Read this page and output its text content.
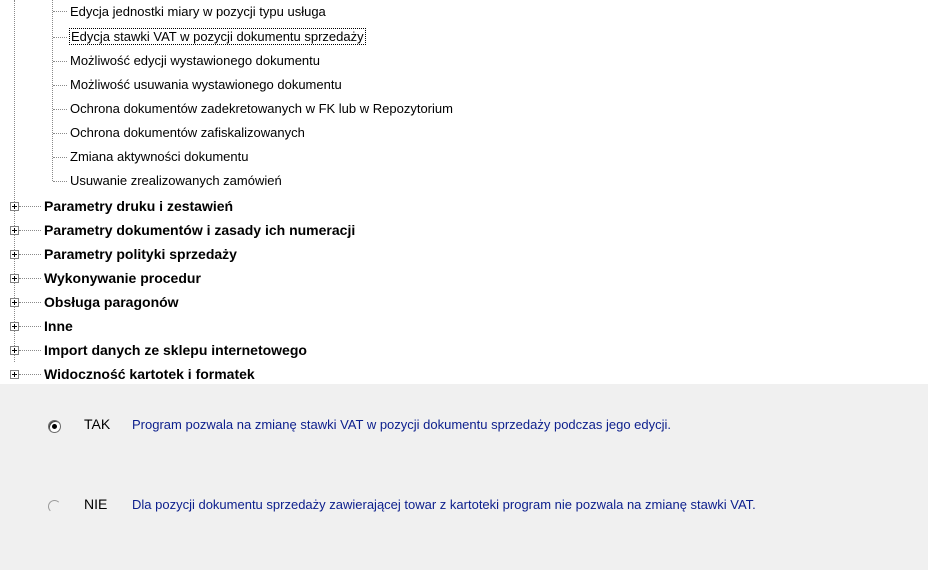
Edycja jednostki miary w pozycji typu usługa
Edycja stawki VAT w pozycji dokumentu sprzedaży
Możliwość edycji wystawionego dokumentu
Możliwość usuwania wystawionego dokumentu
Ochrona dokumentów zadekretowanych w FK lub w Repozytorium
Ochrona dokumentów zafiskalizowanych
Zmiana aktywności dokumentu
Usuwanie zrealizowanych zamówień
Parametry druku i zestawień
Parametry dokumentów i zasady ich numeracji
Parametry polityki sprzedaży
Wykonywanie procedur
Obsługa paragonów
Inne
Import danych ze sklepu internetowego
Widoczność kartotek i formatek
TAK Program pozwala na zmianę stawki VAT w pozycji dokumentu sprzedaży podczas jego edycji.
NIE Dla pozycji dokumentu sprzedaży zawierającej towar z kartoteki program nie pozwala na zmianę stawki VAT.
